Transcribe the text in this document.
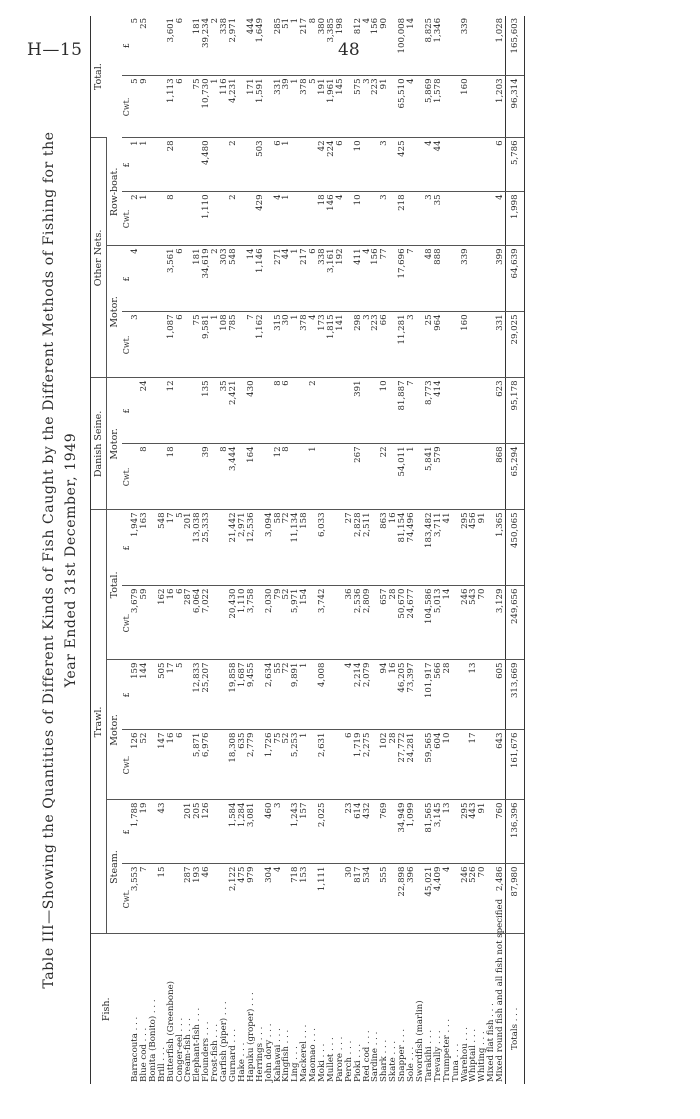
H—15	48
Table III—Showing the Quantities of Different Kinds of Fish Caught by the Different Methods of Fishing for the Year Ended 31st December, 1949
Fish.	Trawl.						Danish Seine.		Other Nets.				Total.	
	Steam.		Motor.		Total.		Motor.		Motor.		Row-boat.			

	Cwt.	£	Cwt.	£	Cwt.	£	Cwt.	£	Cwt.	£	Cwt.	£	Cwt.	£
Barracouta . . .	3,553	1,788	126	159	3,679	1,947			3	4	2	1	5	5
Blue cod . . .	7	19	52	144	59	163	8	24			1	1	9	25
Bonita (Bonito) . . .														
Brill . . .	15	43	147	505	162	548								
Butterfish (Greenbone)			16	17	16	17	18	12	1,087	3,561	8	28	1,113	3,601
Conger-eel . . .			6	5	6	5			6	6			6	6
Cream-fish . . .	287	201			287	201								
Elephant-fish . . .	193	205	5,871	12,833	6,064	13,038			75	181			75	181
Flounders . . .	46	126	6,976	25,207	7,022	25,333	39	135	9,581	34,619	1,110	4,480	10,730	39,234
Frost-fish . . .									1	2			1	2
Garfish (piper) . . .							8	35	108	303			116	338
Gurnard . . .	2,122	1,584	18,308	19,858	20,430	21,442	3,444	2,421	785	548	2	2	4,231	2,971
Hake . . .	475	1,284	635	1,687	1,110	2,971								
Hapuku (groper) . . .	979	3,081	2,779	9,455	3,758	12,536	164	430	7	14			171	444
Herrings . . .									1,162	1,146	429	503	1,591	1,649
John dory . . .	304	460	1,726	2,634	2,030	3,094								
Kahawai . . .	4	3	75	55	79	58	12	8	315	271	4	6	331	285
Kingfish . . .			52	72	52	72	8	6	30	44	1	1	39	51
Ling . . .	718	1,243	5,253	9,891	5,971	11,134			1	1			1	1
Mackerel . . .	153	157	1	1	154	158			378	217			378	217
Maomao . . .							1	2	4	6			5	8
Moki . . .	1,111	2,025	2,631	4,008	3,742	6,033			173	338	18	42	191	380
Mullet . . .									1,815	3,161	146	224	1,961	3,385
Parore . . .									141	192	4	6	145	198
Perch . . .	30	23	6	4	36	27								
Pioki . . .	817	614	1,719	2,214	2,536	2,828	267	391	298	411	10	10	575	812
Red cod . . .	534	432	2,275	2,079	2,809	2,511			3	4			3	4
Sardine . . .									223	156			223	156
Shark . . .	555	769	102	94	657	863	22	10	66	77	3	3	91	90
Skate . . .			28	16	28	16								
Snapper . . .	22,898	34,949	27,772	46,205	50,670	81,154	54,011	81,887	11,281	17,696	218	425	65,510	100,008
Sole . . .	396	1,099	24,281	73,397	24,677	74,496	1	7	3	7			4	14
Swordfish (marlin)														
Tarakihi . . .	45,021	81,565	59,565	101,917	104,586	183,482	5,841	8,773	25	48	3	4	5,869	8,825
Trevally . . .	4,409	3,145	604	566	5,013	3,711	579	414	964	888	35	44	1,578	1,346
Trumpeter . . .	4	13	10	28	14	41								
Tuna . . .														
Warehou . . .	246	295			246	295			160	339			160	339
Whiptail . . .	526	443	17	13	543	456								
Whiting . . .	70	91			70	91								
Mixed flat fish . . .														
Mixed round fish and all fish not specified	2,486	760	643	605	3,129	1,365	868	623	331	399	4	6	1,203	1,028
Totals . . .	87,980	136,396	161,676	313,669	249,656	450,065	65,294	95,178	29,025	64,639	1,998	5,786	96,314	165,603
